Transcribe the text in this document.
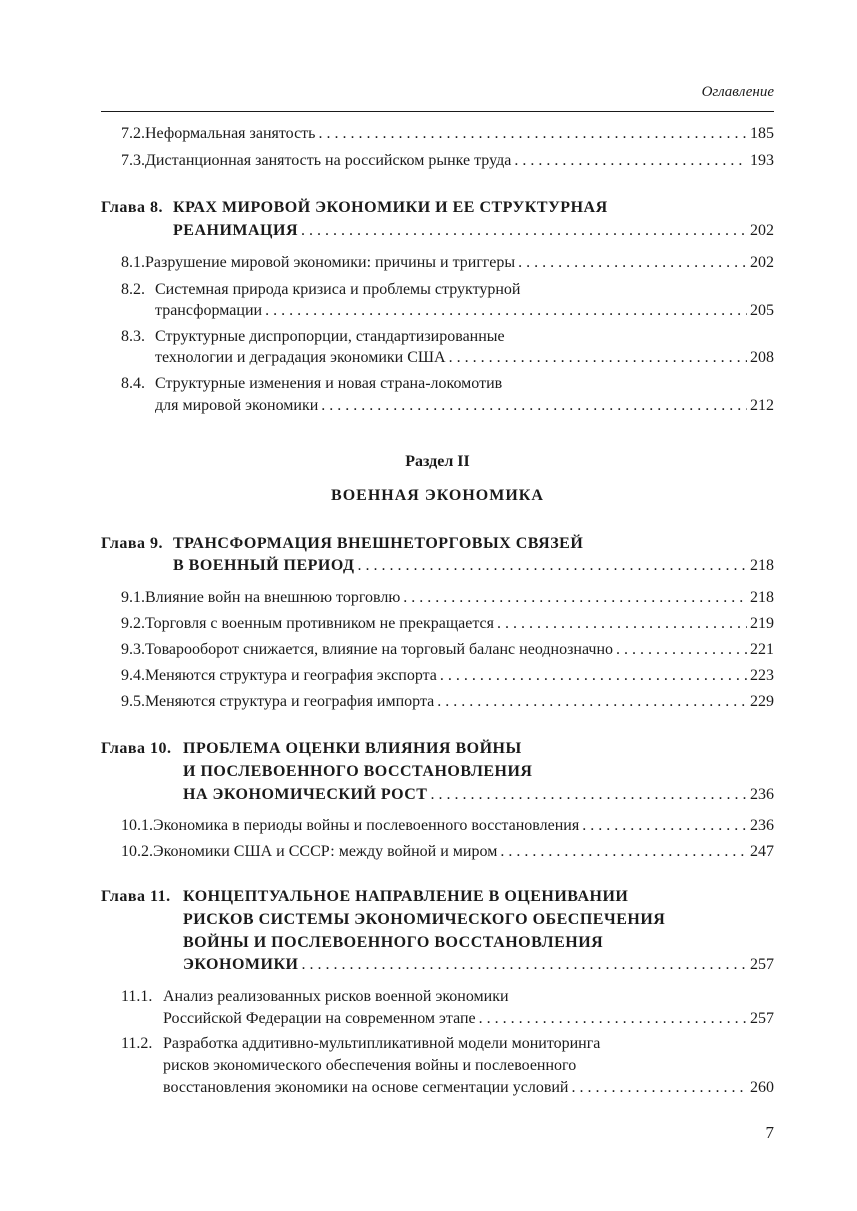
Оглавление
7.2. Неформальная занятость . . .	185
7.3. Дистанционная занятость на российском рынке труда . . .	193
Глава 8. КРАХ МИРОВОЙ ЭКОНОМИКИ И ЕЕ СТРУКТУРНАЯ
РЕАНИМАЦИЯ . . .	202
8.1. Разрушение мировой экономики: причины и триггеры . . .	202
8.2. Системная природа кризиса и проблемы структурной
трансформации . . .	205
8.3. Структурные диспропорции, стандартизированные
технологии и деградация экономики США . . .	208
8.4. Структурные изменения и новая страна-локомотив
для мировой экономики . . .	212
Раздел II
ВОЕННАЯ ЭКОНОМИКА
Глава 9. ТРАНСФОРМАЦИЯ ВНЕШНЕТОРГОВЫХ СВЯЗЕЙ
В ВОЕННЫЙ ПЕРИОД . . .	218
9.1. Влияние войн на внешнюю торговлю . . .	218
9.2. Торговля с военным противником не прекращается . . .	219
9.3. Товарооборот снижается, влияние на торговый баланс неоднозначно . . .	221
9.4. Меняются структура и география экспорта . . .	223
9.5. Меняются структура и география импорта . . .	229
Глава 10. ПРОБЛЕМА ОЦЕНКИ ВЛИЯНИЯ ВОЙНЫ
И ПОСЛЕВОЕННОГО ВОССТАНОВЛЕНИЯ
НА ЭКОНОМИЧЕСКИЙ РОСТ . . .	236
10.1. Экономика в периоды войны и послевоенного восстановления . . .	236
10.2. Экономики США и СССР: между войной и миром . . .	247
Глава 11. КОНЦЕПТУАЛЬНОЕ НАПРАВЛЕНИЕ В ОЦЕНИВАНИИ
РИСКОВ СИСТЕМЫ ЭКОНОМИЧЕСКОГО ОБЕСПЕЧЕНИЯ
ВОЙНЫ И ПОСЛЕВОЕННОГО ВОССТАНОВЛЕНИЯ
ЭКОНОМИКИ . . .	257
11.1. Анализ реализованных рисков военной экономики
Российской Федерации на современном этапе . . .	257
11.2. Разработка аддитивно-мультипликативной модели мониторинга
рисков экономического обеспечения войны и послевоенного
восстановления экономики на основе сегментации условий . . .	260
7
